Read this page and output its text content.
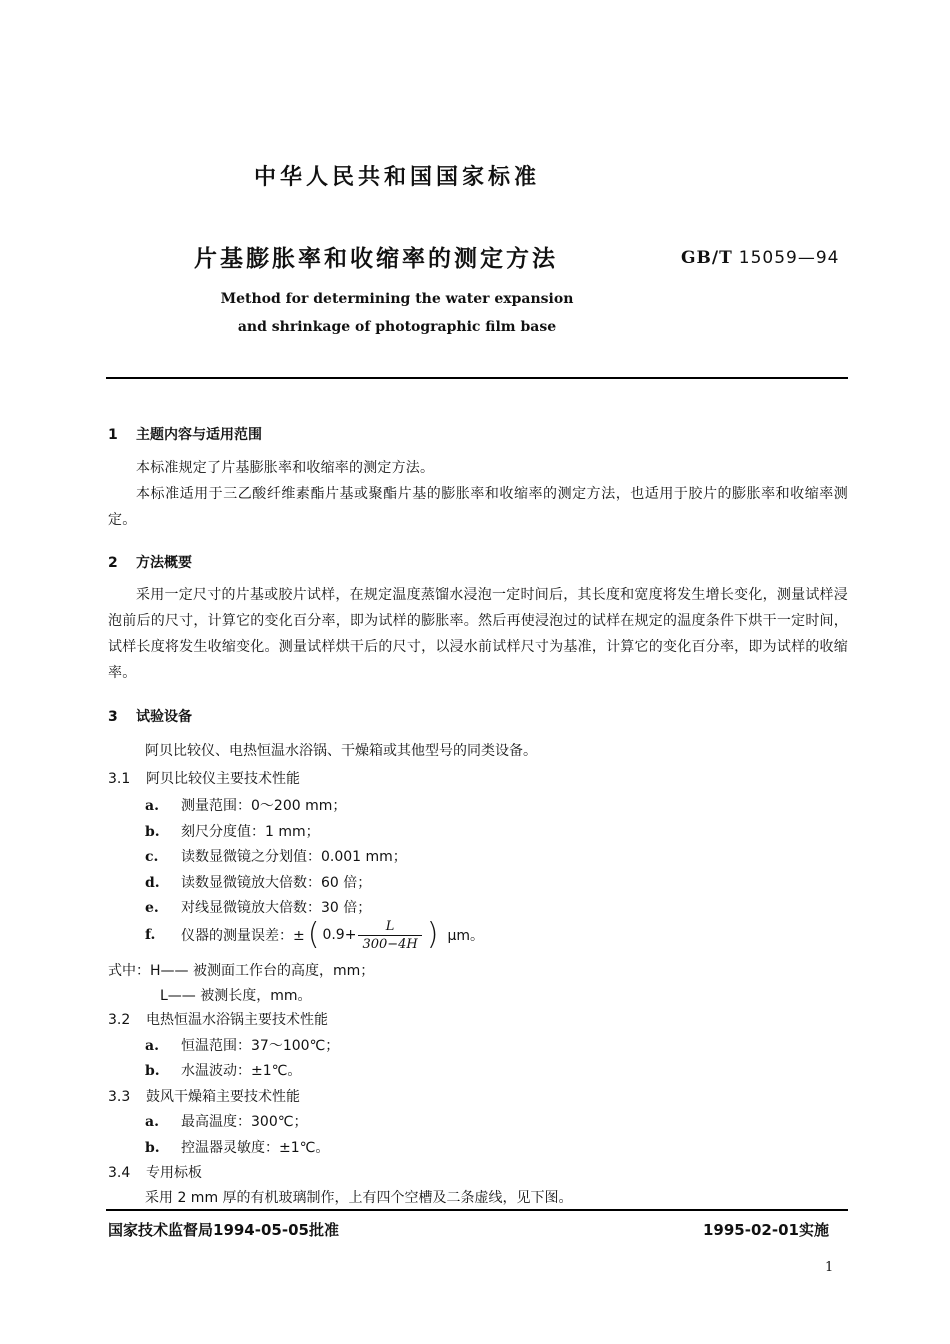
中华人民共和国国家标准
片基膨胀率和收缩率的测定方法	GB/T 15059—94
Method for determining the water expansion
and shrinkage of photographic film base
1 主题内容与适用范围
本标准规定了片基膨胀率和收缩率的测定方法。
本标准适用于三乙酸纤维素酯片基或聚酯片基的膨胀率和收缩率的测定方法，也适用于胶片的膨胀率和收缩率测定。
2 方法概要
采用一定尺寸的片基或胶片试样，在规定温度蒸馏水浸泡一定时间后，其长度和宽度将发生增长变化，测量试样浸泡前后的尺寸，计算它的变化百分率，即为试样的膨胀率。然后再使浸泡过的试样在规定的温度条件下烘干一定时间，试样长度将发生收缩变化。测量试样烘干后的尺寸，以浸水前试样尺寸为基准，计算它的变化百分率，即为试样的收缩率。
3 试验设备
阿贝比较仪、电热恒温水浴锅、干燥箱或其他型号的同类设备。
3.1 阿贝比较仪主要技术性能
a. 测量范围：0～200 mm；
b. 刻尺分度值：1 mm；
c. 读数显微镜之分划值：0.001 mm；
d. 读数显微镜放大倍数：60 倍；
e. 对线显微镜放大倍数：30 倍；
f.	仪器的测量误差：± ( $0.9+ \frac{L}{300-4H}$ ) μm。
式中：H—— 被测面工作台的高度，mm；
L—— 被测长度，mm。
3.2 电热恒温水浴锅主要技术性能
a. 恒温范围：37～100℃；
b. 水温波动：±1℃。
3.3 鼓风干燥箱主要技术性能
a. 最高温度：300℃；
b. 控温器灵敏度：±1℃。
3.4 专用标板
采用 2 mm 厚的有机玻璃制作，上有四个空槽及二条虚线，见下图。
国家技术监督局1994-05-05批准	1995-02-01实施
1
